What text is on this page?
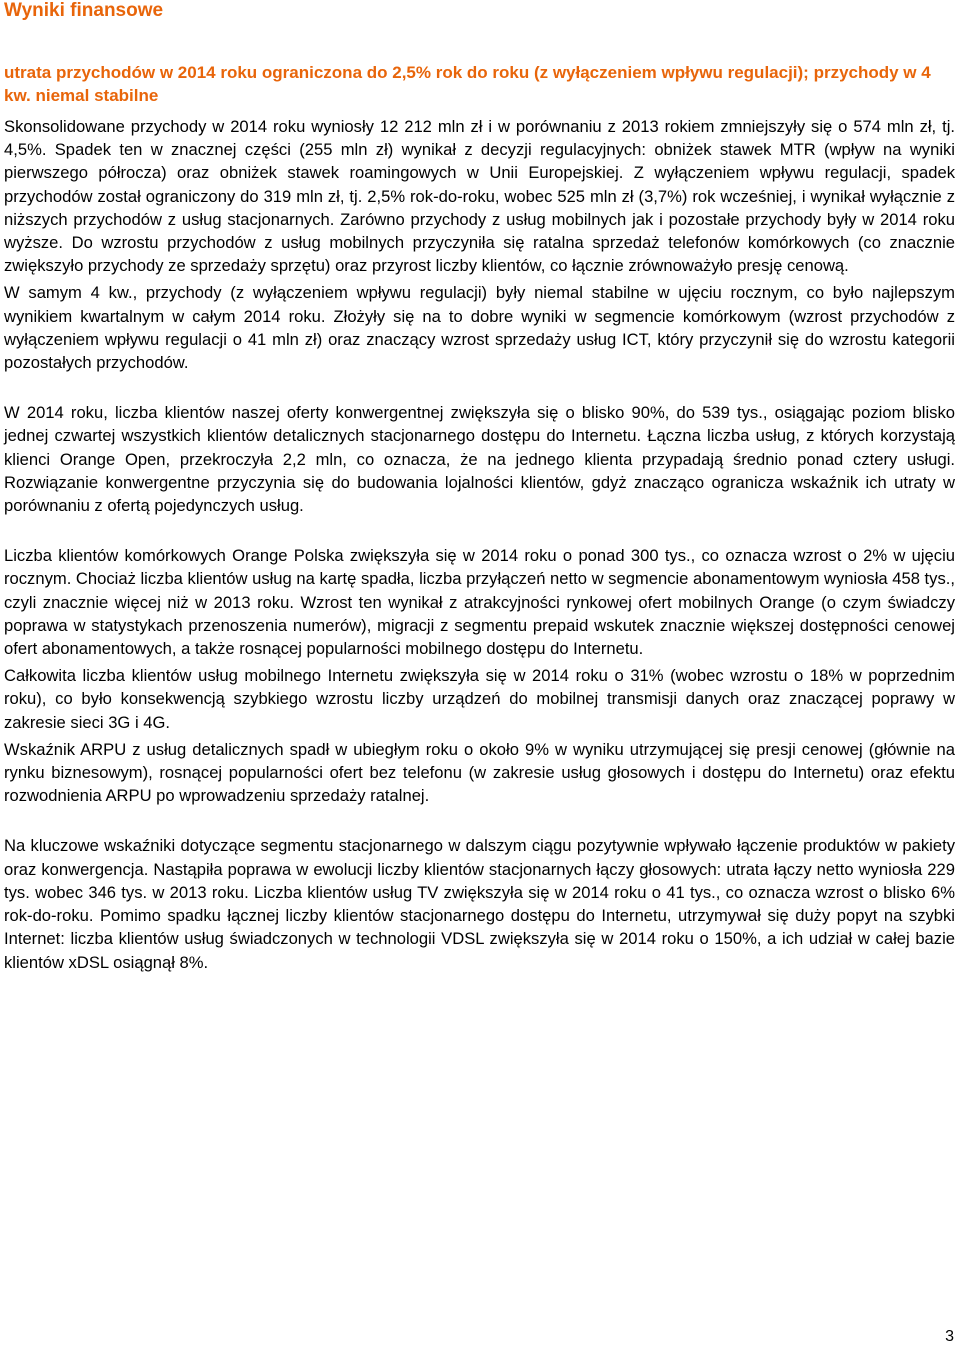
Wyniki finansowe

utrata przychodów w 2014 roku ograniczona do 2,5% rok do roku (z wyłączeniem wpływu regulacji); przychody w 4 kw. niemal stabilne

Skonsolidowane przychody w 2014 roku wyniosły 12 212 mln zł i w porównaniu z 2013 rokiem zmniejszyły się o 574 mln zł, tj. 4,5%. Spadek ten w znacznej części (255 mln zł) wynikał z decyzji regulacyjnych: obniżek stawek MTR (wpływ na wyniki pierwszego półrocza) oraz obniżek stawek roamingowych w Unii Europejskiej. Z wyłączeniem wpływu regulacji, spadek przychodów został ograniczony do 319 mln zł, tj. 2,5% rok-do-roku, wobec 525 mln zł (3,7%) rok wcześniej, i wynikał wyłącznie z niższych przychodów z usług stacjonarnych. Zarówno przychody z usług mobilnych jak i pozostałe przychody były w 2014 roku wyższe. Do wzrostu przychodów z usług mobilnych przyczyniła się ratalna sprzedaż telefonów komórkowych (co znacznie zwiększyło przychody ze sprzedaży sprzętu) oraz przyrost liczby klientów, co łącznie zrównoważyło presję cenową.

W samym 4 kw., przychody (z wyłączeniem wpływu regulacji) były niemal stabilne w ujęciu rocznym, co było najlepszym wynikiem kwartalnym w całym 2014 roku. Złożyły się na to dobre wyniki w segmencie komórkowym (wzrost przychodów z wyłączeniem wpływu regulacji o 41 mln zł) oraz znaczący wzrost sprzedaży usług ICT, który przyczynił się do wzrostu kategorii pozostałych przychodów.

W 2014 roku, liczba klientów naszej oferty konwergentnej zwiększyła się o blisko 90%, do 539 tys., osiągając poziom blisko jednej czwartej wszystkich klientów detalicznych stacjonarnego dostępu do Internetu. Łączna liczba usług, z których korzystają klienci Orange Open, przekroczyła 2,2 mln, co oznacza, że na jednego klienta przypadają średnio ponad cztery usługi. Rozwiązanie konwergentne przyczynia się do budowania lojalności klientów, gdyż znacząco ogranicza wskaźnik ich utraty w porównaniu z ofertą pojedynczych usług.

Liczba klientów komórkowych Orange Polska zwiększyła się w 2014 roku o ponad 300 tys., co oznacza wzrost o 2% w ujęciu rocznym. Chociaż liczba klientów usług na kartę spadła, liczba przyłączeń netto w segmencie abonamentowym wyniosła 458 tys., czyli znacznie więcej niż w 2013 roku. Wzrost ten wynikał z atrakcyjności rynkowej ofert mobilnych Orange (o czym świadczy poprawa w statystykach przenoszenia numerów), migracji z segmentu prepaid wskutek znacznie większej dostępności cenowej ofert abonamentowych, a także rosnącej popularności mobilnego dostępu do Internetu.

Całkowita liczba klientów usług mobilnego Internetu zwiększyła się w 2014 roku o 31% (wobec wzrostu o 18% w poprzednim roku), co było konsekwencją szybkiego wzrostu liczby urządzeń do mobilnej transmisji danych oraz znaczącej poprawy w zakresie sieci 3G i 4G.

Wskaźnik ARPU z usług detalicznych spadł w ubiegłym roku o około 9% w wyniku utrzymującej się presji cenowej (głównie na rynku biznesowym), rosnącej popularności ofert bez telefonu (w zakresie usług głosowych i dostępu do Internetu) oraz efektu rozwodnienia ARPU po wprowadzeniu sprzedaży ratalnej.

Na kluczowe wskaźniki dotyczące segmentu stacjonarnego w dalszym ciągu pozytywnie wpływało łączenie produktów w pakiety oraz konwergencja. Nastąpiła poprawa w ewolucji liczby klientów stacjonarnych łączy głosowych: utrata łączy netto wyniosła 229 tys. wobec 346 tys. w 2013 roku. Liczba klientów usług TV zwiększyła się w 2014 roku o 41 tys., co oznacza wzrost o blisko 6% rok-do-roku. Pomimo spadku łącznej liczby klientów stacjonarnego dostępu do Internetu, utrzymywał się duży popyt na szybki Internet: liczba klientów usług świadczonych w technologii VDSL zwiększyła się w 2014 roku o 150%, a ich udział w całej bazie klientów xDSL osiągnął 8%.

3
